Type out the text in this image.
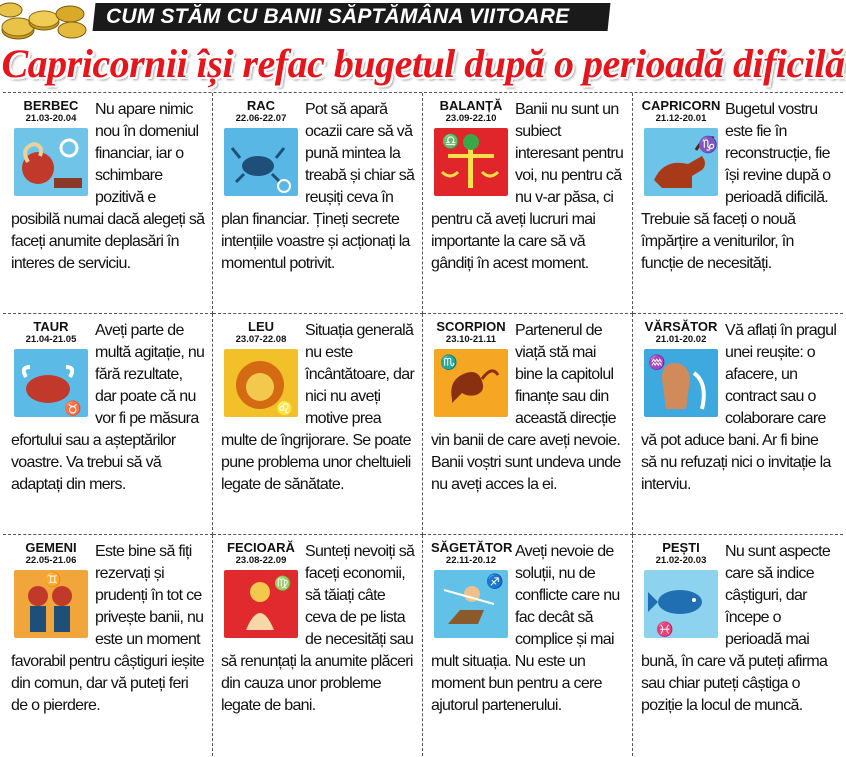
CUM STĂM CU BANII SĂPTĂMÂNA VIITOARE
Capricornii își refac bugetul după o perioadă dificilă
BERBEC
21.03-20.04
Nu apare nimic nou în domeniul financiar, iar o schimbare pozitivă e posibilă numai dacă alegeți să faceți anumite deplasări în interes de serviciu.
RAC
22.06-22.07
Pot să apară ocazii care să vă pună mintea la treabă și chiar să reușiți ceva în plan financiar. Țineți secrete intențiile voastre și acționați la momentul potrivit.
BALANȚĂ
23.09-22.10
♎
Banii nu sunt un subiect interesant pentru voi, nu pentru că nu v-ar păsa, ci pentru că aveți lucruri mai importante la care să vă gândiți în acest moment.
CAPRICORN
21.12-20.01
♑
Bugetul vostru este fie în reconstrucție, fie își revine după o perioadă dificilă. Trebuie să faceți o nouă împărțire a veniturilor, în funcție de necesități.
TAUR
21.04-21.05
♉
Aveți parte de multă agitație, nu fără rezultate, dar poate că nu vor fi pe măsura efortului sau a așteptărilor voastre. Va trebui să vă adaptați din mers.
LEU
23.07-22.08
♌
Situația generală nu este încântătoare, dar nici nu aveți motive prea multe de îngrijorare. Se poate pune problema unor cheltuieli legate de sănătate.
SCORPION
23.10-21.11
♏
Partenerul de viață stă mai bine la capitolul finanțe sau din această direcție vin banii de care aveți nevoie. Banii voștri sunt undeva unde nu aveți acces la ei.
VĂRSĂTOR
21.01-20.02
♒
Vă aflați în pragul unei reușite: o afacere, un contract sau o colaborare care vă pot aduce bani. Ar fi bine să nu refuzați nici o invitație la interviu.
GEMENI
22.05-21.06
♊
Este bine să fiți rezervați și prudenți în tot ce privește banii, nu este un moment favorabil pentru câștiguri ieșite din comun, dar vă puteți feri de o pierdere.
FECIOARĂ
23.08-22.09
♍
Sunteți nevoiți să faceți economii, să tăiați câte ceva de pe lista de necesități sau să renunțați la anumite plăceri din cauza unor probleme legate de bani.
SĂGETĂTOR
22.11-20.12
♐
Aveți nevoie de soluții, nu de conflicte care nu fac decât să complice și mai mult situația. Nu este un moment bun pentru a cere ajutorul partenerului.
PEȘTI
21.02-20.03
♓
Nu sunt aspecte care să indice câștiguri, dar începe o perioadă mai bună, în care vă puteți afirma sau chiar puteți câștiga o poziție la locul de muncă.
